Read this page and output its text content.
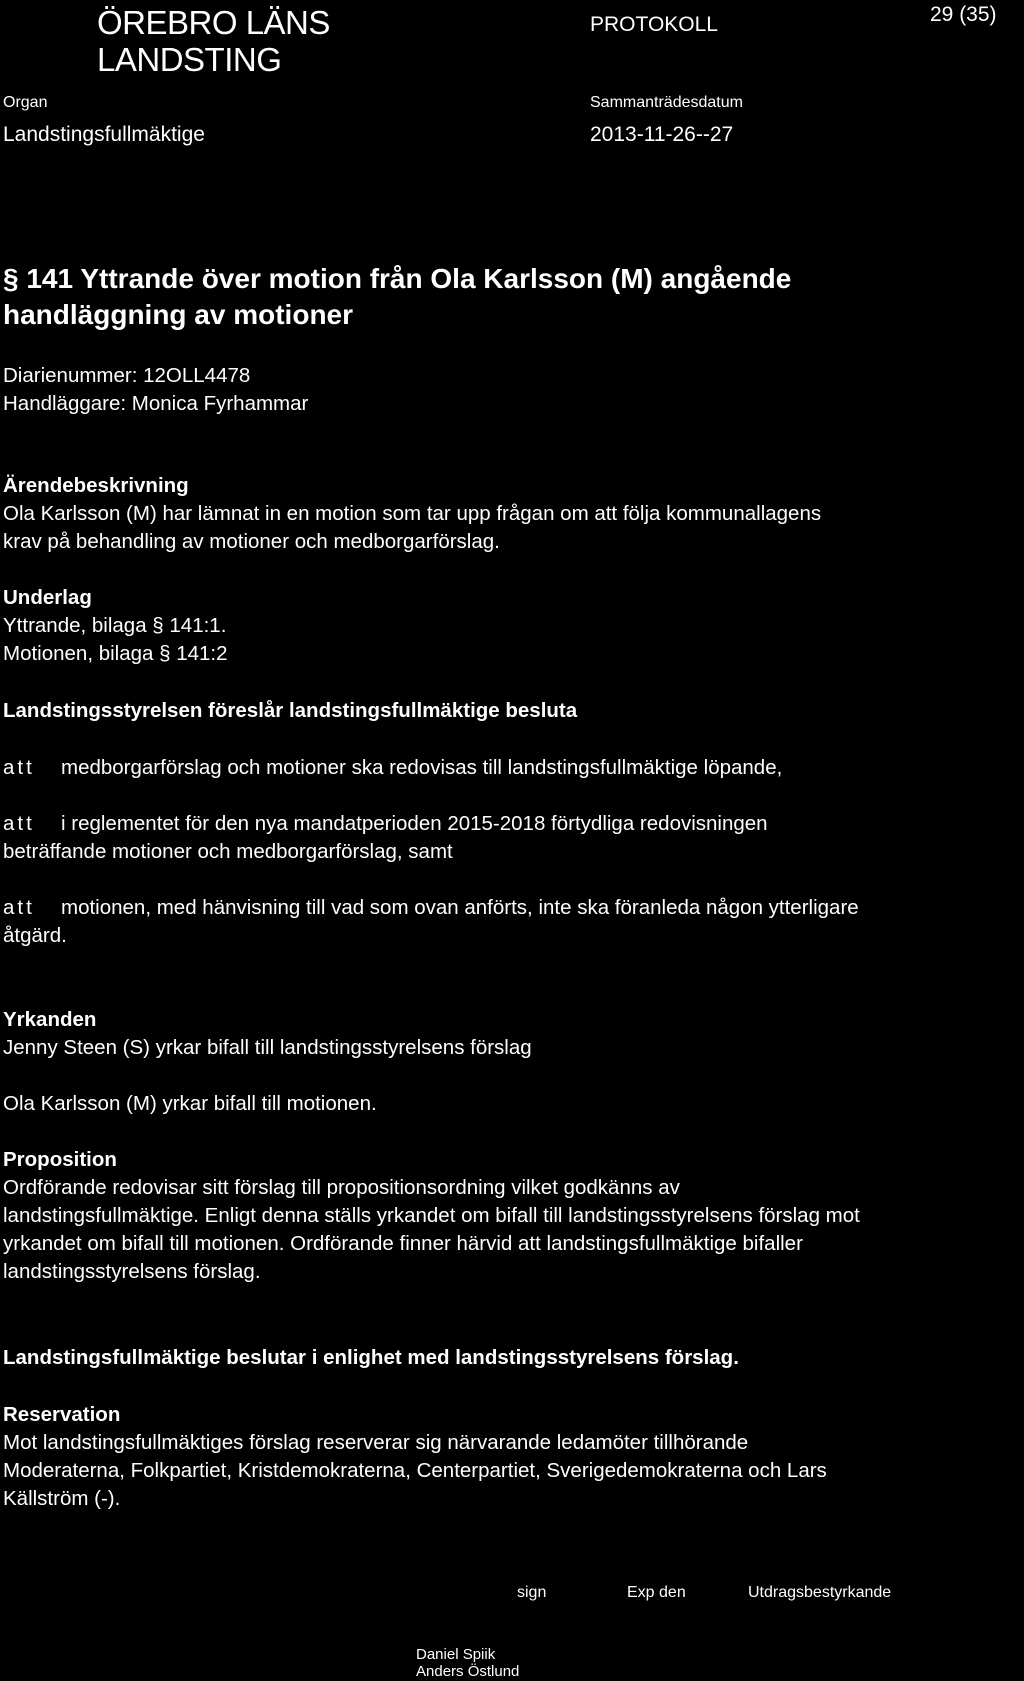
ÖREBRO LÄNS
LANDSTING
Organ
Landstingsfullmäktige
PROTOKOLL
Sammanträdesdatum
2013-11-26--27
29 (35)
§ 141 Yttrande över motion från Ola Karlsson (M) angående
handläggning av motioner
Diarienummer: 12OLL4478
Handläggare: Monica Fyrhammar
Ärendebeskrivning
Ola Karlsson (M) har lämnat in en motion som tar upp frågan om att följa kommunallagens
krav på behandling av motioner och medborgarförslag.
Underlag
Yttrande, bilaga § 141:1.
Motionen, bilaga § 141:2
Landstingsstyrelsen föreslår landstingsfullmäktige besluta
att medborgarförslag och motioner ska redovisas till landstingsfullmäktige löpande,
att i reglementet för den nya mandatperioden 2015-2018 förtydliga redovisningen
beträffande motioner och medborgarförslag, samt
att motionen, med hänvisning till vad som ovan anförts, inte ska föranleda någon ytterligare
åtgärd.
Yrkanden
Jenny Steen (S) yrkar bifall till landstingsstyrelsens förslag
Ola Karlsson (M) yrkar bifall till motionen.
Proposition
Ordförande redovisar sitt förslag till propositionsordning vilket godkänns av
landstingsfullmäktige. Enligt denna ställs yrkandet om bifall till landstingsstyrelsens förslag mot
yrkandet om bifall till motionen. Ordförande finner härvid att landstingsfullmäktige bifaller
landstingsstyrelsens förslag.
Landstingsfullmäktige beslutar i enlighet med landstingsstyrelsens förslag.
Reservation
Mot landstingsfullmäktiges förslag reserverar sig närvarande ledamöter tillhörande
Moderaterna, Folkpartiet, Kristdemokraterna, Centerpartiet, Sverigedemokraterna och Lars
Källström (-).
sign	Exp den	Utdragsbestyrkande
Daniel Spiik
Anders Östlund
